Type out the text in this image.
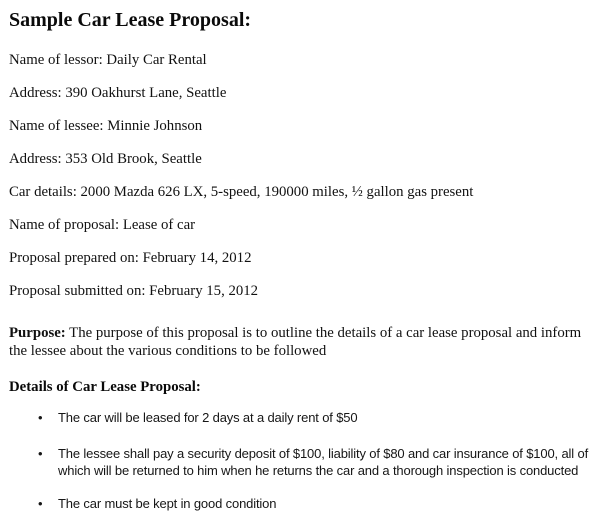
Sample Car Lease Proposal:

Name of lessor: Daily Car Rental

Address: 390 Oakhurst Lane, Seattle

Name of lessee: Minnie Johnson

Address: 353 Old Brook, Seattle

Car details: 2000 Mazda 626 LX, 5-speed, 190000 miles, ½ gallon gas present

Name of proposal: Lease of car

Proposal prepared on: February 14, 2012

Proposal submitted on: February 15, 2012

Purpose: The purpose of this proposal is to outline the details of a car lease proposal and inform the lessee about the various conditions to be followed

Details of Car Lease Proposal:
• The car will be leased for 2 days at a daily rent of $50
• The lessee shall pay a security deposit of $100, liability of $80 and car insurance of $100, all of which will be returned to him when he returns the car and a thorough inspection is conducted
• The car must be kept in good condition
